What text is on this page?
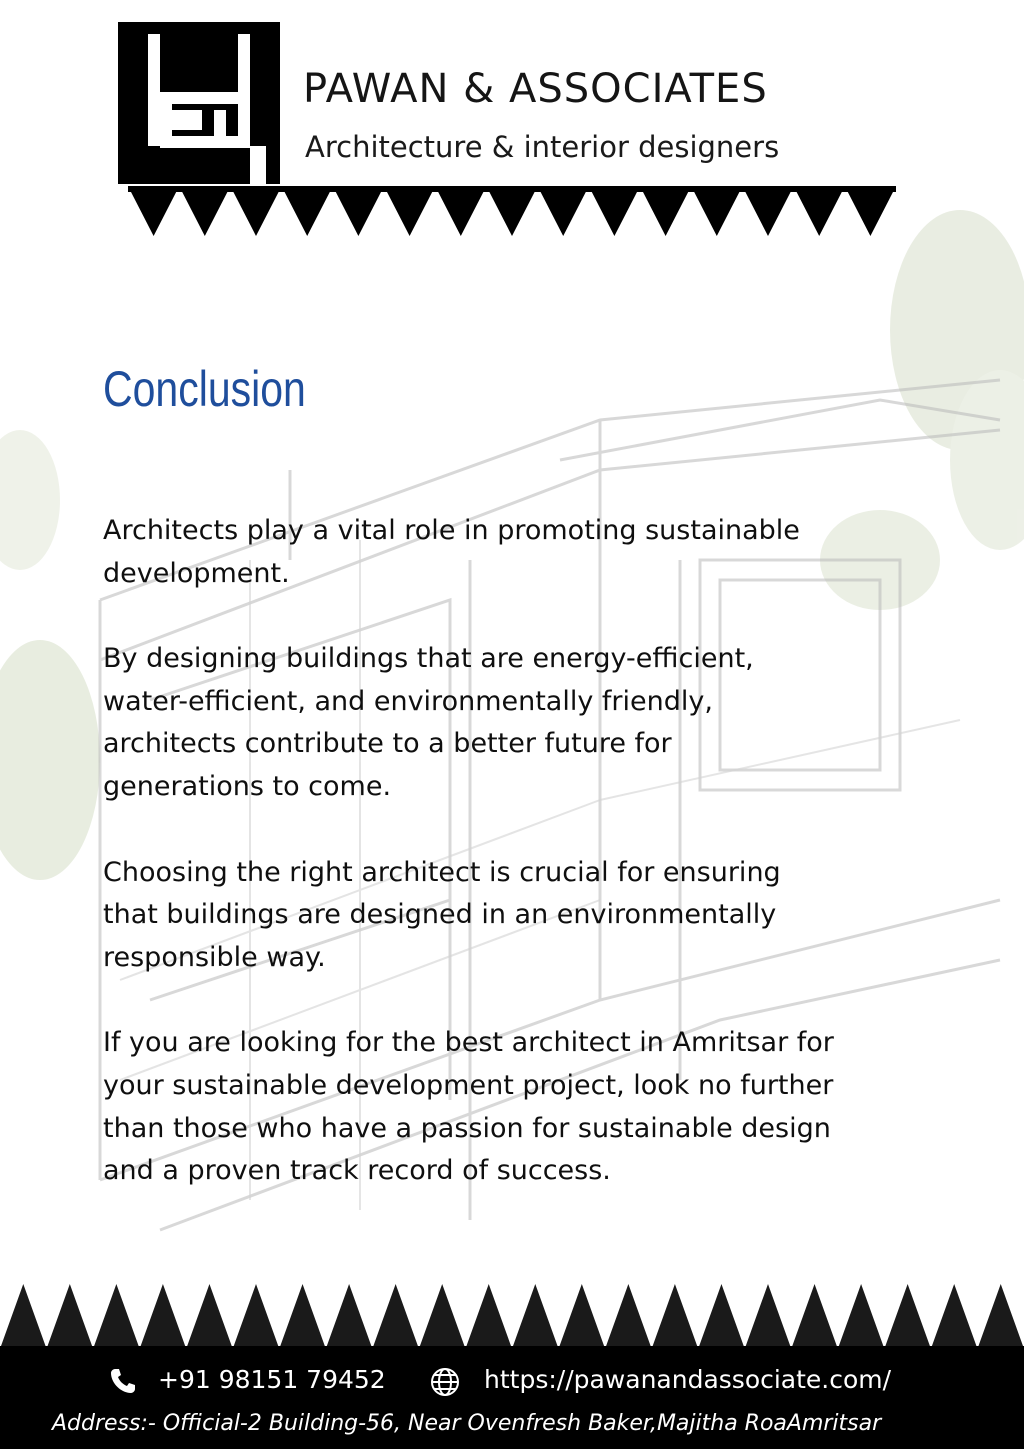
PAWAN & ASSOCIATES
Architecture & interior designers
Conclusion

Architects play a vital role in promoting sustainable
development.

By designing buildings that are energy-efficient,
water-efficient, and environmentally friendly,
architects contribute to a better future for
generations to come.

Choosing the right architect is crucial for ensuring
that buildings are designed in an environmentally
responsible way.

If you are looking for the best architect in Amritsar for
your sustainable development project, look no further
than those who have a passion for sustainable design
and a proven track record of success.

+91 98151 79452	https://pawanandassociate.com/
Address:- Official-2 Building-56, Near Ovenfresh Baker,Majitha RoaAmritsar
